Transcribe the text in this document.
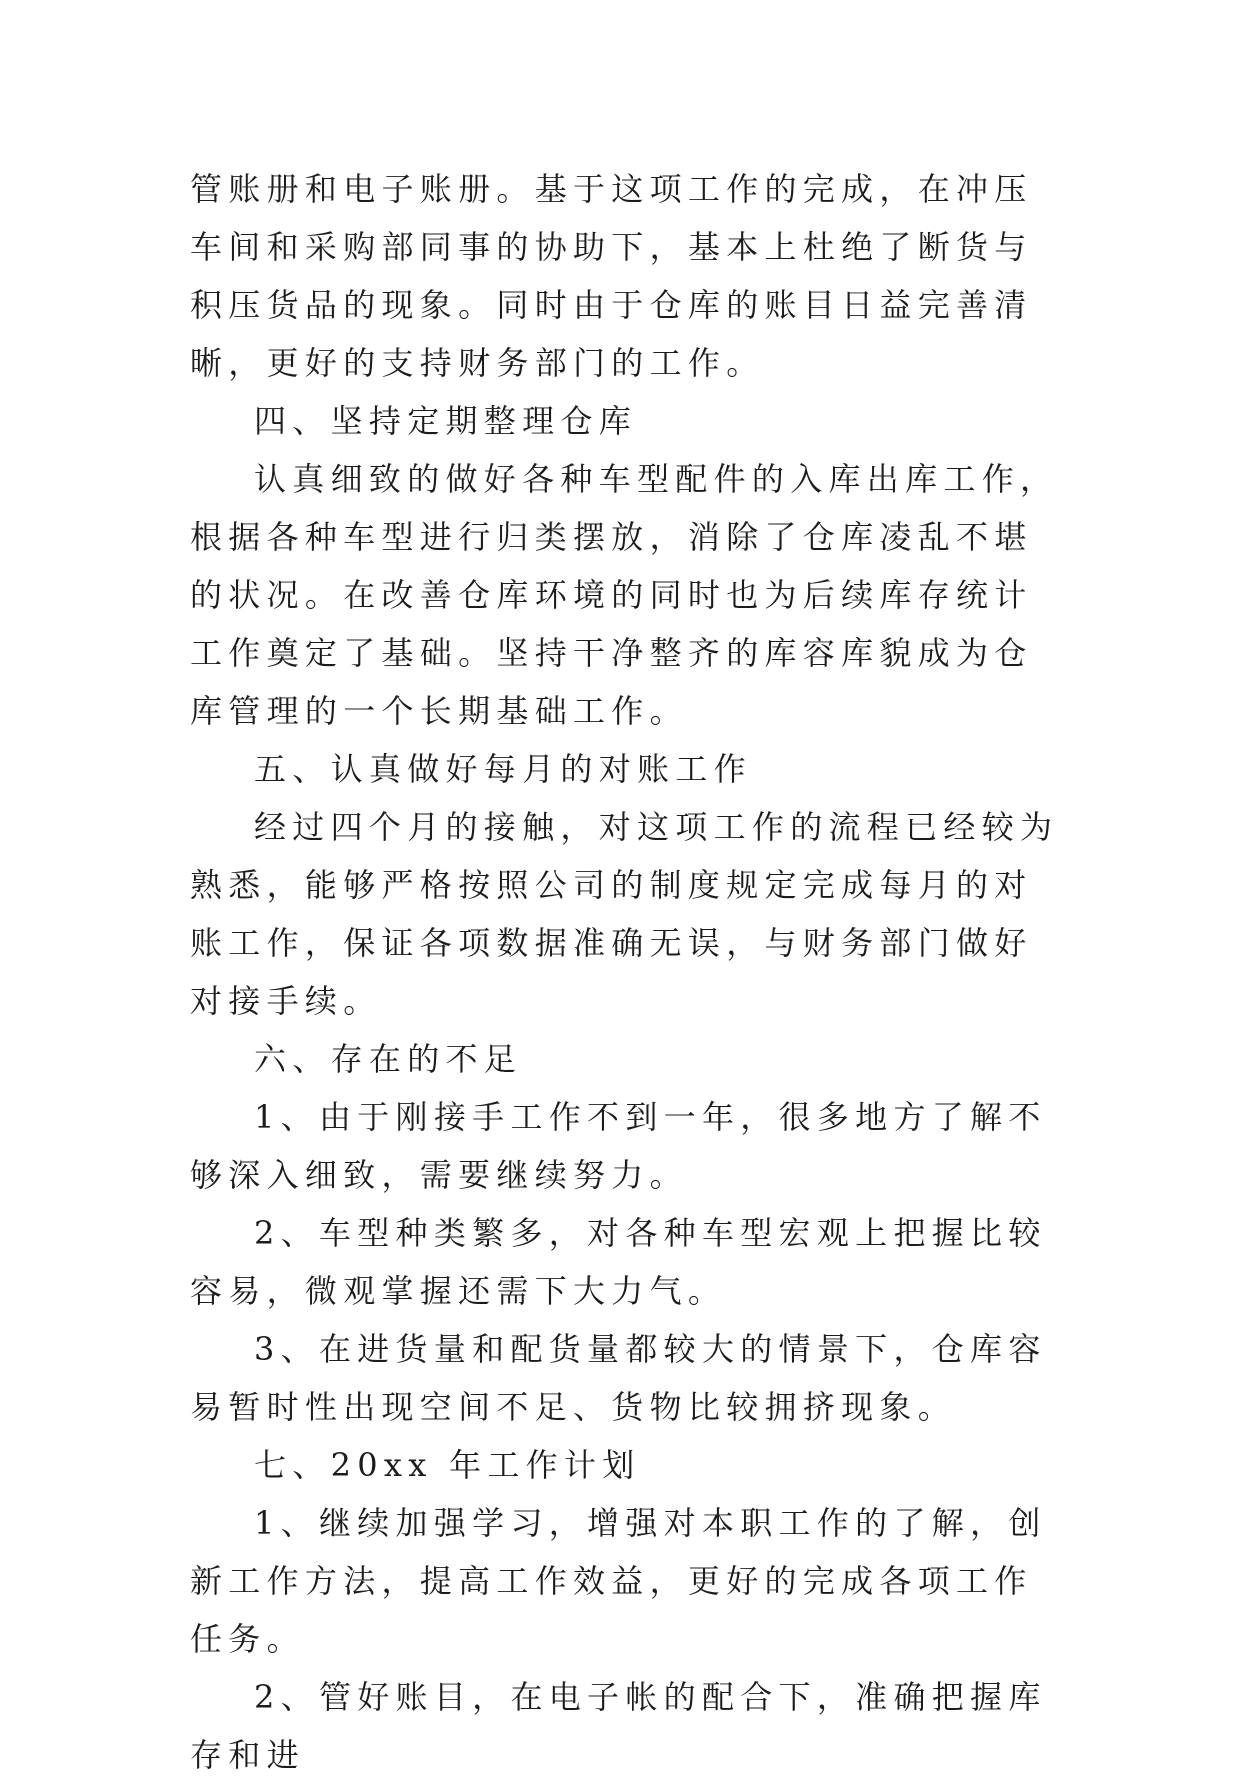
管账册和电子账册。基于这项工作的完成，在冲压车间和采购部同事的协助下，基本上杜绝了断货与积压货品的现象。同时由于仓库的账目日益完善清晰，更好的支持财务部门的工作。

四、坚持定期整理仓库

认真细致的做好各种车型配件的入库出库工作，根据各种车型进行归类摆放，消除了仓库凌乱不堪的状况。在改善仓库环境的同时也为后续库存统计工作奠定了基础。坚持干净整齐的库容库貌成为仓库管理的一个长期基础工作。

五、认真做好每月的对账工作

经过四个月的接触，对这项工作的流程已经较为熟悉，能够严格按照公司的制度规定完成每月的对账工作，保证各项数据准确无误，与财务部门做好对接手续。

六、存在的不足

1、由于刚接手工作不到一年，很多地方了解不够深入细致，需要继续努力。

2、车型种类繁多，对各种车型宏观上把握比较容易，微观掌握还需下大力气。

3、在进货量和配货量都较大的情景下，仓库容易暂时性出现空间不足、货物比较拥挤现象。

七、20xx 年工作计划

1、继续加强学习，增强对本职工作的了解，创新工作方法，提高工作效益，更好的完成各项工作任务。

2、管好账目，在电子帐的配合下，准确把握库存和进
